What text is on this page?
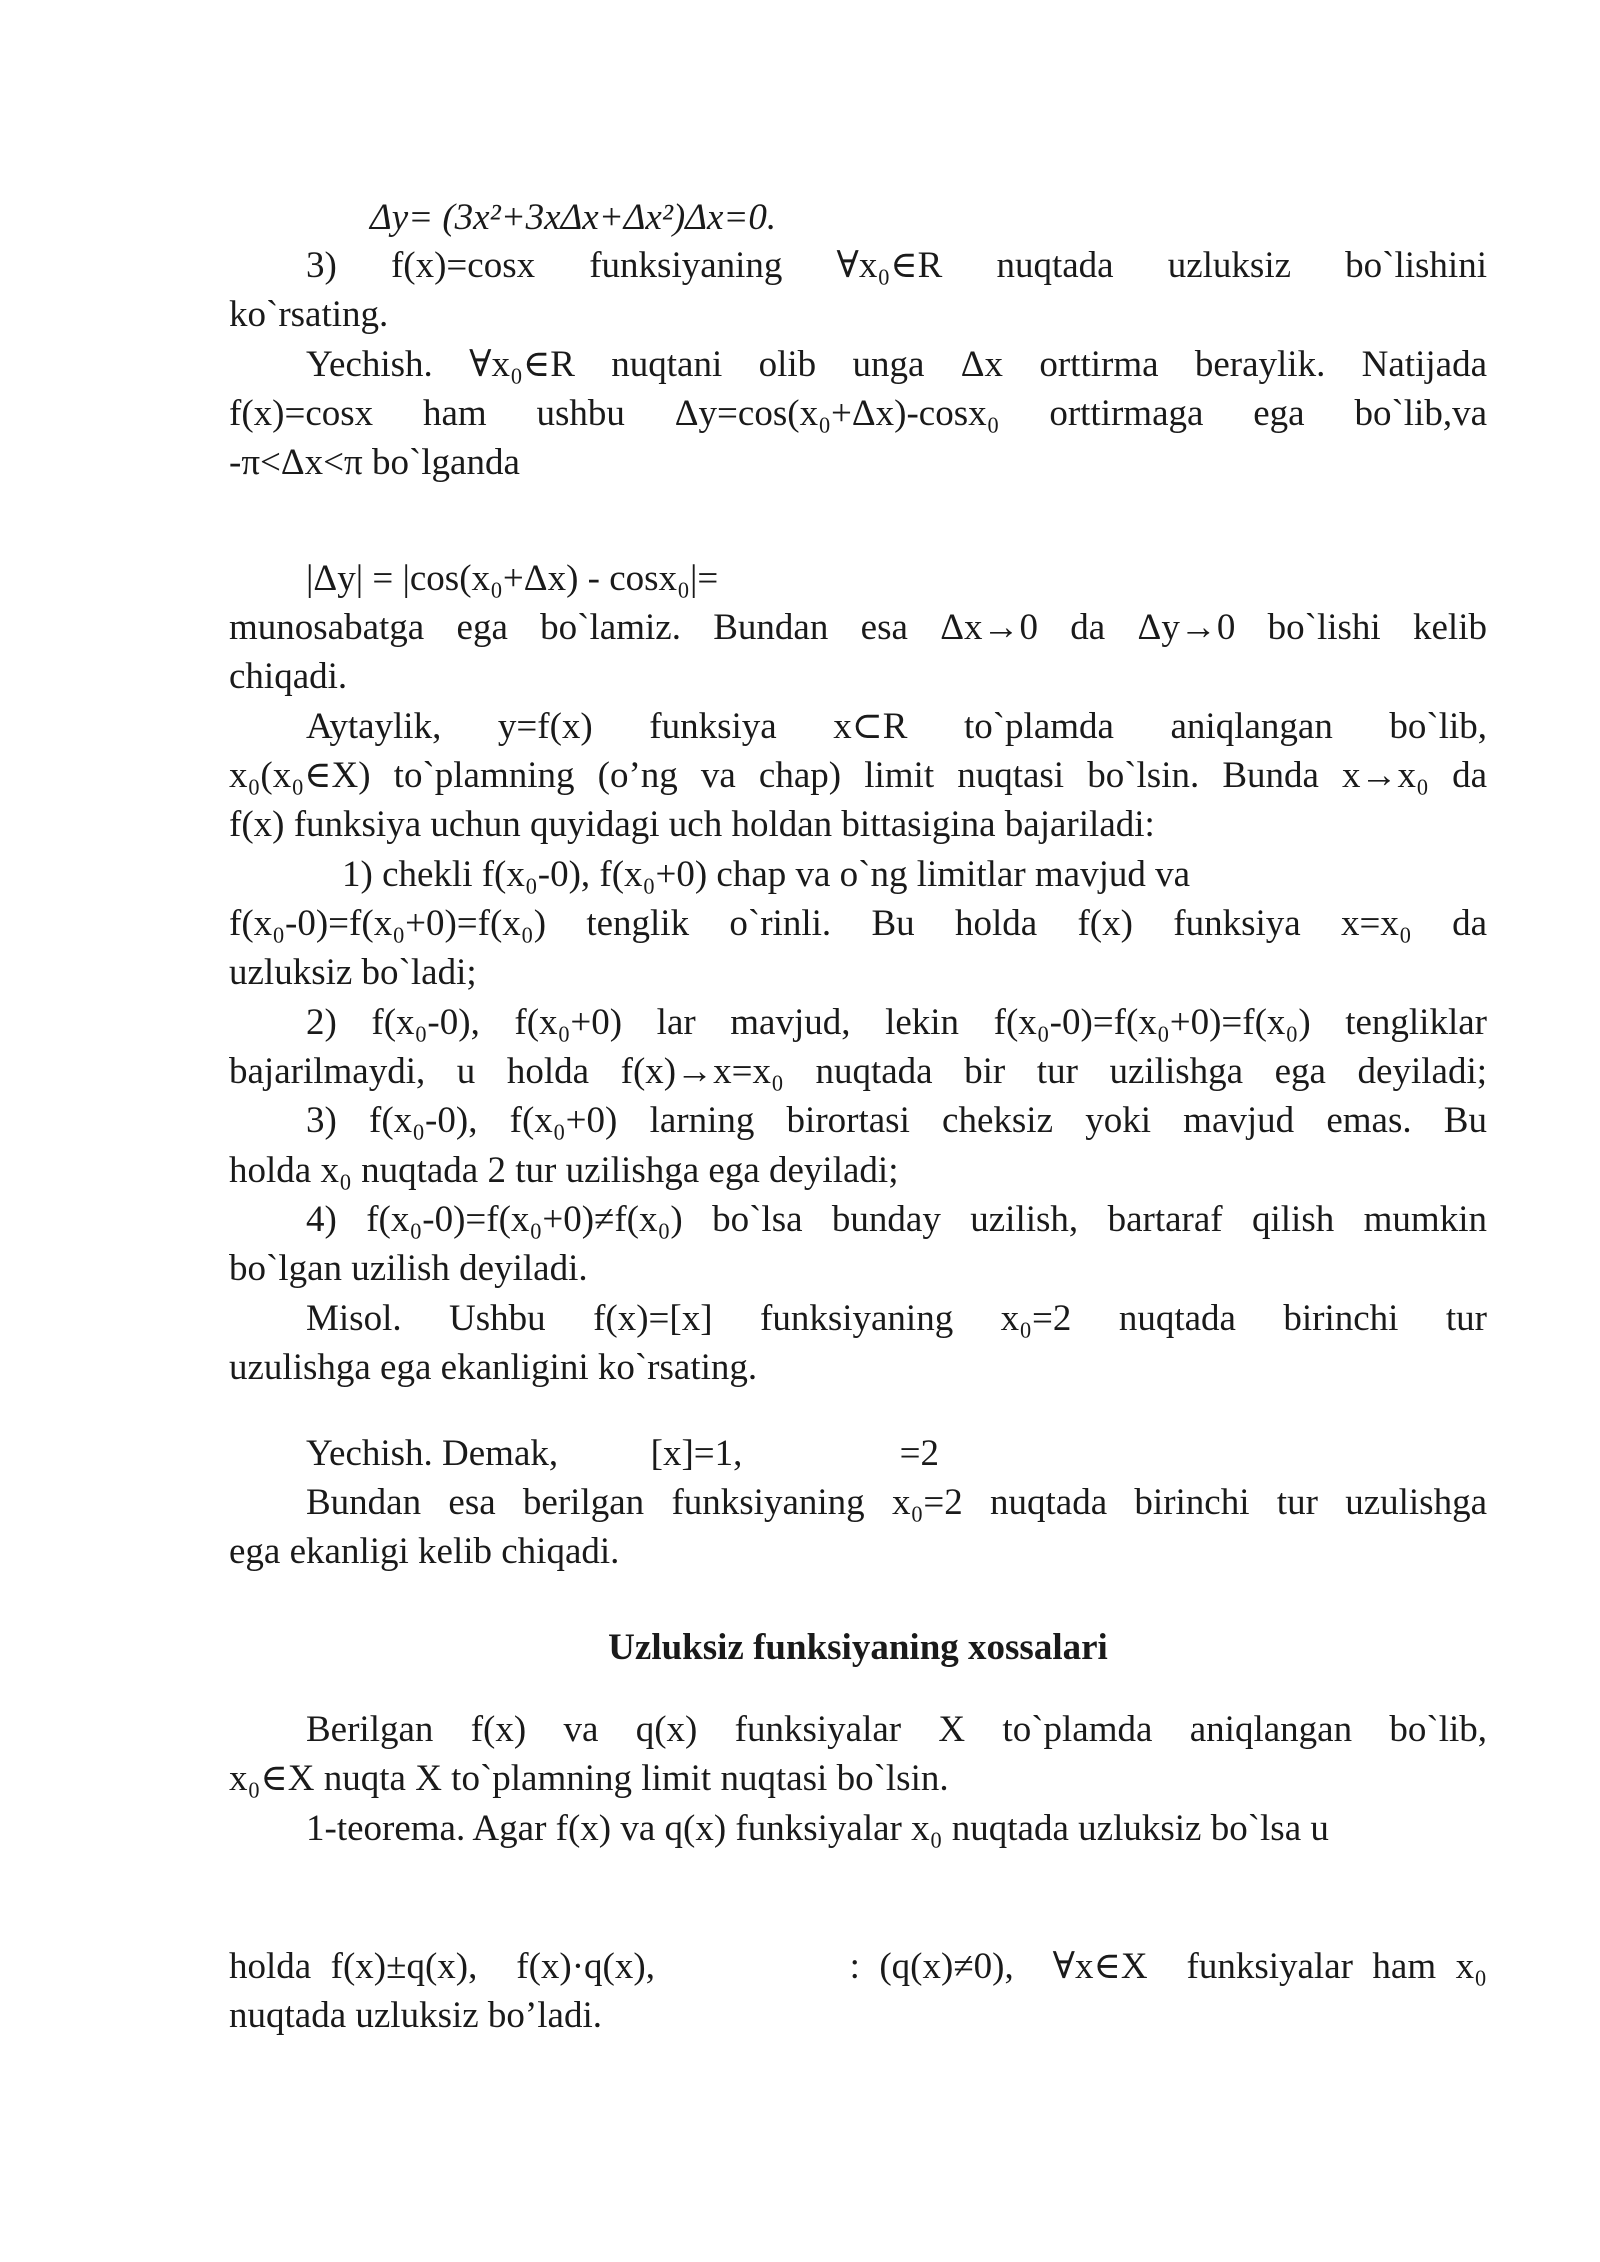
Δy= (3x²+3xΔx+Δx²)Δx=0.
3) f(x)=cosx funksiyaning ∀x₀∈R nuqtada uzluksiz bo`lishini
ko`rsating.
Yechish. ∀x₀∈R nuqtani olib unga Δx orttirma beraylik. Natijada
f(x)=cosx ham ushbu Δy=cos(x₀+Δx)-cosx₀ orttirmaga ega bo`lib,va
-π<Δx<π bo`lganda
|Δy| = |cos(x₀+Δx) - cosx₀|=
munosabatga ega bo`lamiz. Bundan esa Δx→0 da Δy→0 bo`lishi kelib
chiqadi.
Aytaylik, y=f(x) funksiya x⊂R to`plamda aniqlangan bo`lib,
x₀(x₀∈X) to`plamning (o’ng va chap) limit nuqtasi bo`lsin. Bunda x→x₀ da
f(x) funksiya uchun quyidagi uch holdan bittasigina bajariladi:
1) chekli f(x₀-0), f(x₀+0) chap va o`ng limitlar mavjud va
f(x₀-0)=f(x₀+0)=f(x₀) tenglik o`rinli. Bu holda f(x) funksiya x=x₀ da
uzluksiz bo`ladi;
2) f(x₀-0), f(x₀+0) lar mavjud, lekin f(x₀-0)=f(x₀+0)=f(x₀) tengliklar
bajarilmaydi, u holda f(x)→x=x₀ nuqtada bir tur uzilishga ega deyiladi;
3) f(x₀-0), f(x₀+0) larning birortasi cheksiz yoki mavjud emas. Bu
holda x₀ nuqtada 2 tur uzilishga ega deyiladi;
4) f(x₀-0)=f(x₀+0)≠f(x₀) bo`lsa bunday uzilish, bartaraf qilish mumkin
bo`lgan uzilish deyiladi.
Misol. Ushbu f(x)=[x] funksiyaning x₀=2 nuqtada birinchi tur
uzulishga ega ekanligini ko`rsating.
Yechish. Demak,          [x]=1,                 =2
Bundan esa berilgan funksiyaning x₀=2 nuqtada birinchi tur uzulishga
ega ekanligi kelib chiqadi.
Uzluksiz funksiyaning xossalari
Berilgan f(x) va q(x) funksiyalar X to`plamda aniqlangan bo`lib,
x₀∈X nuqta X to`plamning limit nuqtasi bo`lsin.
1-teorema. Agar f(x) va q(x) funksiyalar x₀ nuqtada uzluksiz bo`lsa u
holda f(x)±q(x),  f(x)·q(x),          : (q(x)≠0),  ∀x∈X  funksiyalar ham x₀
nuqtada uzluksiz bo’ladi.
